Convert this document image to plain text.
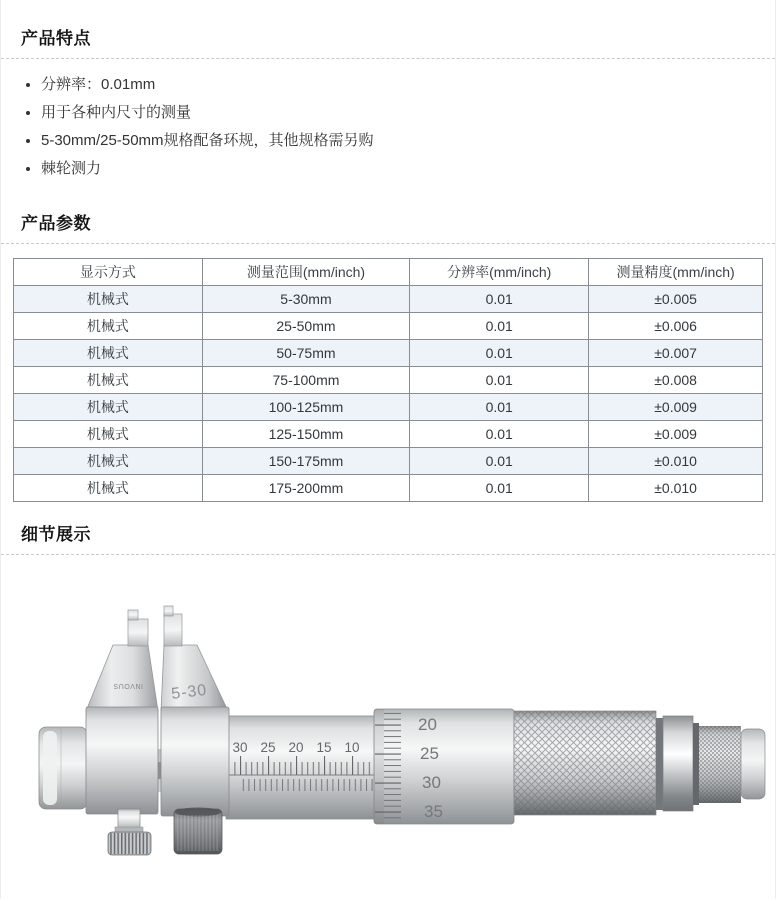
产品特点
• 分辨率：0.01mm
• 用于各种内尺寸的测量
• 5-30mm/25-50mm规格配备环规，其他规格需另购
• 棘轮测力
产品参数
显示方式	测量范围(mm/inch)	分辨率(mm/inch)	测量精度(mm/inch)
机械式	5-30mm	0.01	±0.005
机械式	25-50mm	0.01	±0.006
机械式	50-75mm	0.01	±0.007
机械式	75-100mm	0.01	±0.008
机械式	100-125mm	0.01	±0.009
机械式	125-150mm	0.01	±0.009
机械式	150-175mm	0.01	±0.010
机械式	175-200mm	0.01	±0.010
细节展示
30 25 20 15 10
20
25
30
35
INVOUS 5-30
